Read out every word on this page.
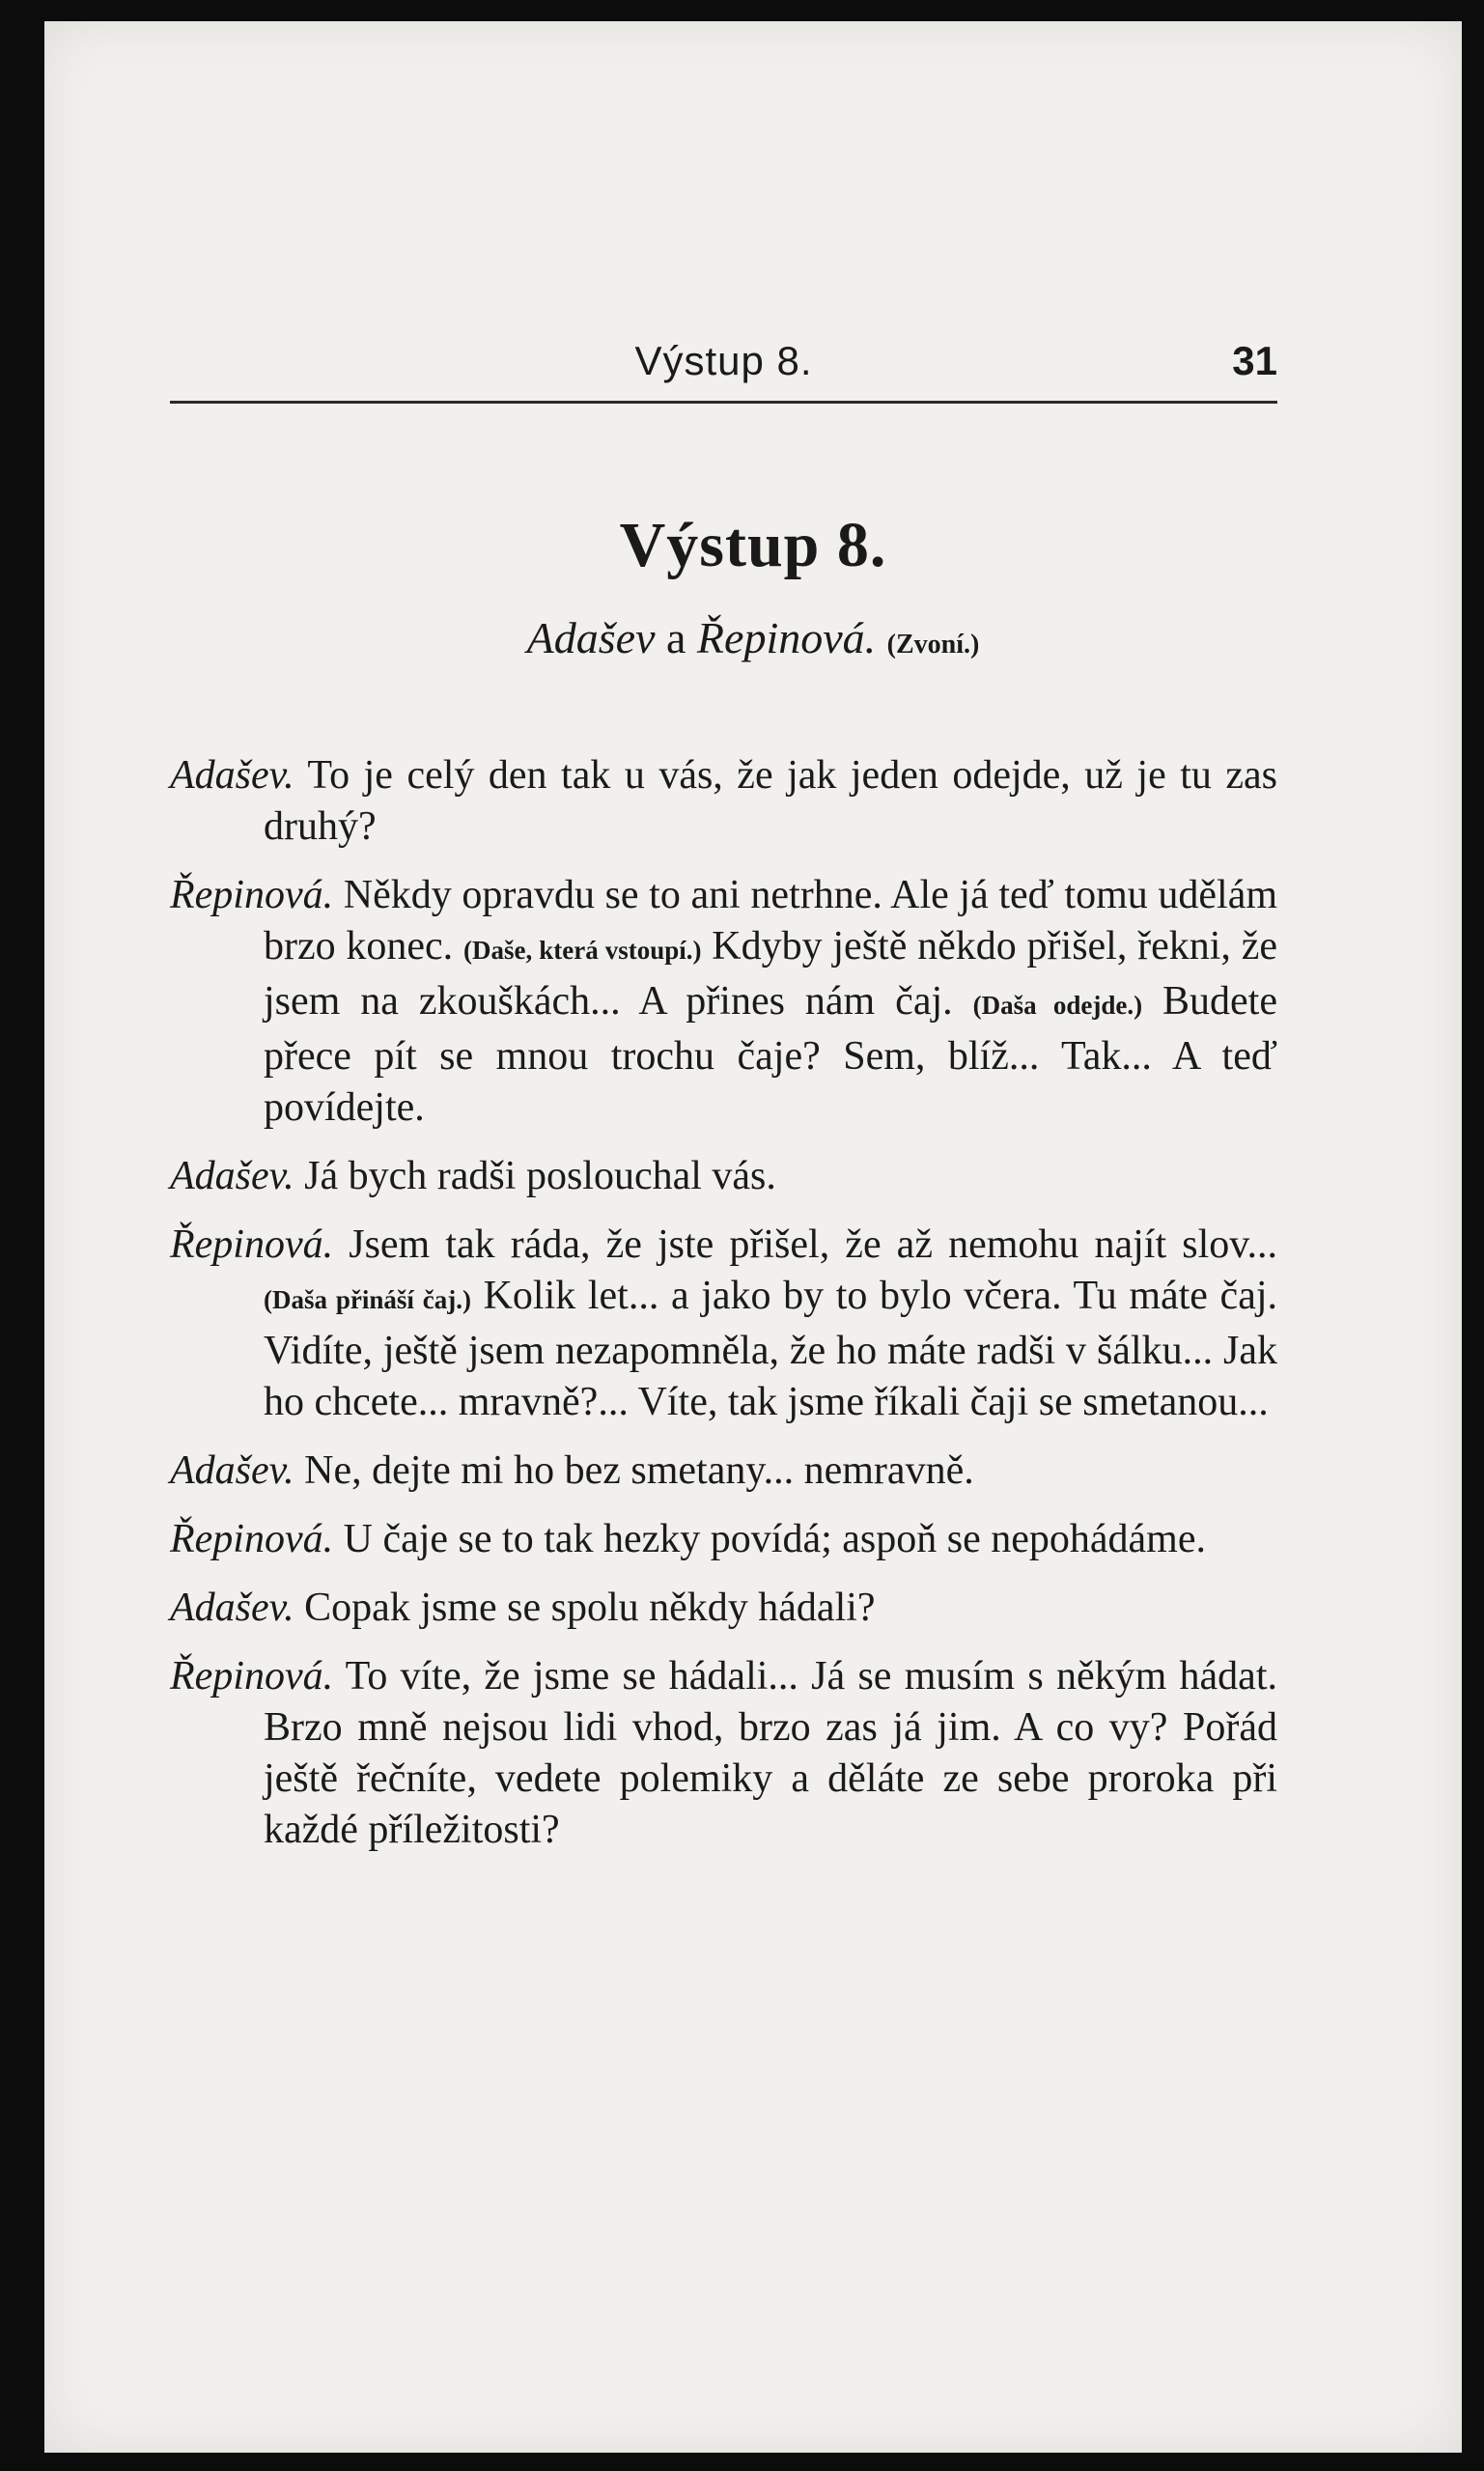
Výstup 8.	31
Výstup 8.
Adašev a Řepinová. (Zvoní.)

Adašev. To je celý den tak u vás, že jak jeden odejde, už je tu zas druhý?

Řepinová. Někdy opravdu se to ani netrhne. Ale já teď tomu udělám brzo konec. (Daše, která vstoupí.) Kdyby ještě někdo přišel, řekni, že jsem na zkouškách... A přines nám čaj. (Daša odejde.) Budete přece pít se mnou trochu čaje? Sem, blíž... Tak... A teď povídejte.

Adašev. Já bych radši poslouchal vás.

Řepinová. Jsem tak ráda, že jste přišel, že až nemohu najít slov... (Daša přináší čaj.) Kolik let... a jako by to bylo včera. Tu máte čaj. Vidíte, ještě jsem nezapomněla, že ho máte radši v šálku... Jak ho chcete... mravně?... Víte, tak jsme říkali čaji se smetanou...

Adašev. Ne, dejte mi ho bez smetany... nemravně.

Řepinová. U čaje se to tak hezky povídá; aspoň se nepohádáme.

Adašev. Copak jsme se spolu někdy hádali?

Řepinová. To víte, že jsme se hádali... Já se musím s někým hádat. Brzo mně nejsou lidi vhod, brzo zas já jim. A co vy? Pořád ještě řečníte, vedete polemiky a děláte ze sebe proroka při každé příležitosti?
